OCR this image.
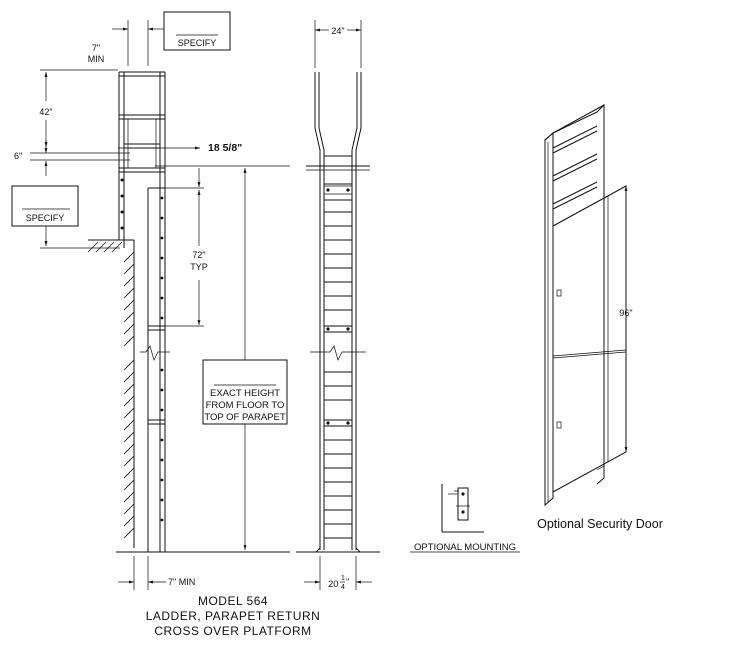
SPECIFY
7"
MIN
42"
6"
SPECIFY
18 5/8"
72"
TYP
EXACT HEIGHT
FROM FLOOR TO
TOP OF PARAPET
7" MIN
24"
20
1
4
"
OPTIONAL MOUNTING
96"
Optional Security Door
MODEL 564
LADDER, PARAPET RETURN
CROSS OVER PLATFORM
